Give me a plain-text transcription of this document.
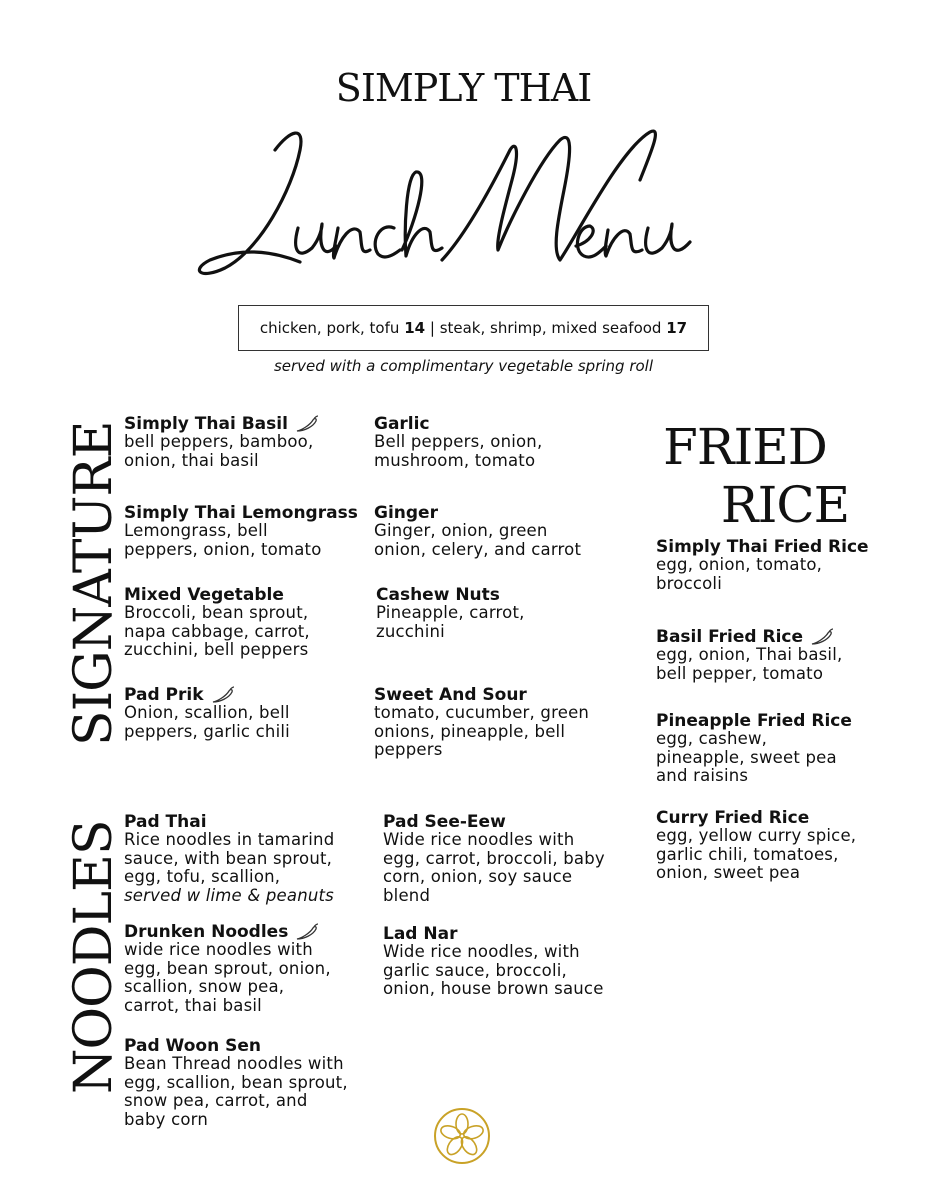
SIMPLY THAI
chicken, pork, tofu 14 | steak, shrimp, mixed seafood 17
served with a complimentary vegetable spring roll
SIGNATURE
NOODLES
FRIED
RICE
Simply Thai Basil
bell peppers, bamboo,
onion, thai basil
Simply Thai Lemongrass
Lemongrass, bell
peppers, onion, tomato
Mixed Vegetable
Broccoli, bean sprout,
napa cabbage, carrot,
zucchini, bell peppers
Pad Prik
Onion, scallion, bell
peppers, garlic chili
Garlic
Bell peppers, onion,
mushroom, tomato
Ginger
Ginger, onion, green
onion, celery, and carrot
Cashew Nuts
Pineapple, carrot,
zucchini
Sweet And Sour
tomato, cucumber, green
onions, pineapple, bell
peppers
Pad Thai
Rice noodles in tamarind
sauce, with bean sprout,
egg, tofu, scallion,
served w lime & peanuts
Drunken Noodles
wide rice noodles with
egg, bean sprout, onion,
scallion, snow pea,
carrot, thai basil
Pad Woon Sen
Bean Thread noodles with
egg, scallion, bean sprout,
snow pea, carrot, and
baby corn
Pad See-Eew
Wide rice noodles with
egg, carrot, broccoli, baby
corn, onion, soy sauce
blend
Lad Nar
Wide rice noodles, with
garlic sauce, broccoli,
onion, house brown sauce
Simply Thai Fried Rice
egg, onion, tomato,
broccoli
Basil Fried Rice
egg, onion, Thai basil,
bell pepper, tomato
Pineapple Fried Rice
egg, cashew,
pineapple, sweet pea
and raisins
Curry Fried Rice
egg, yellow curry spice,
garlic chili, tomatoes,
onion, sweet pea
